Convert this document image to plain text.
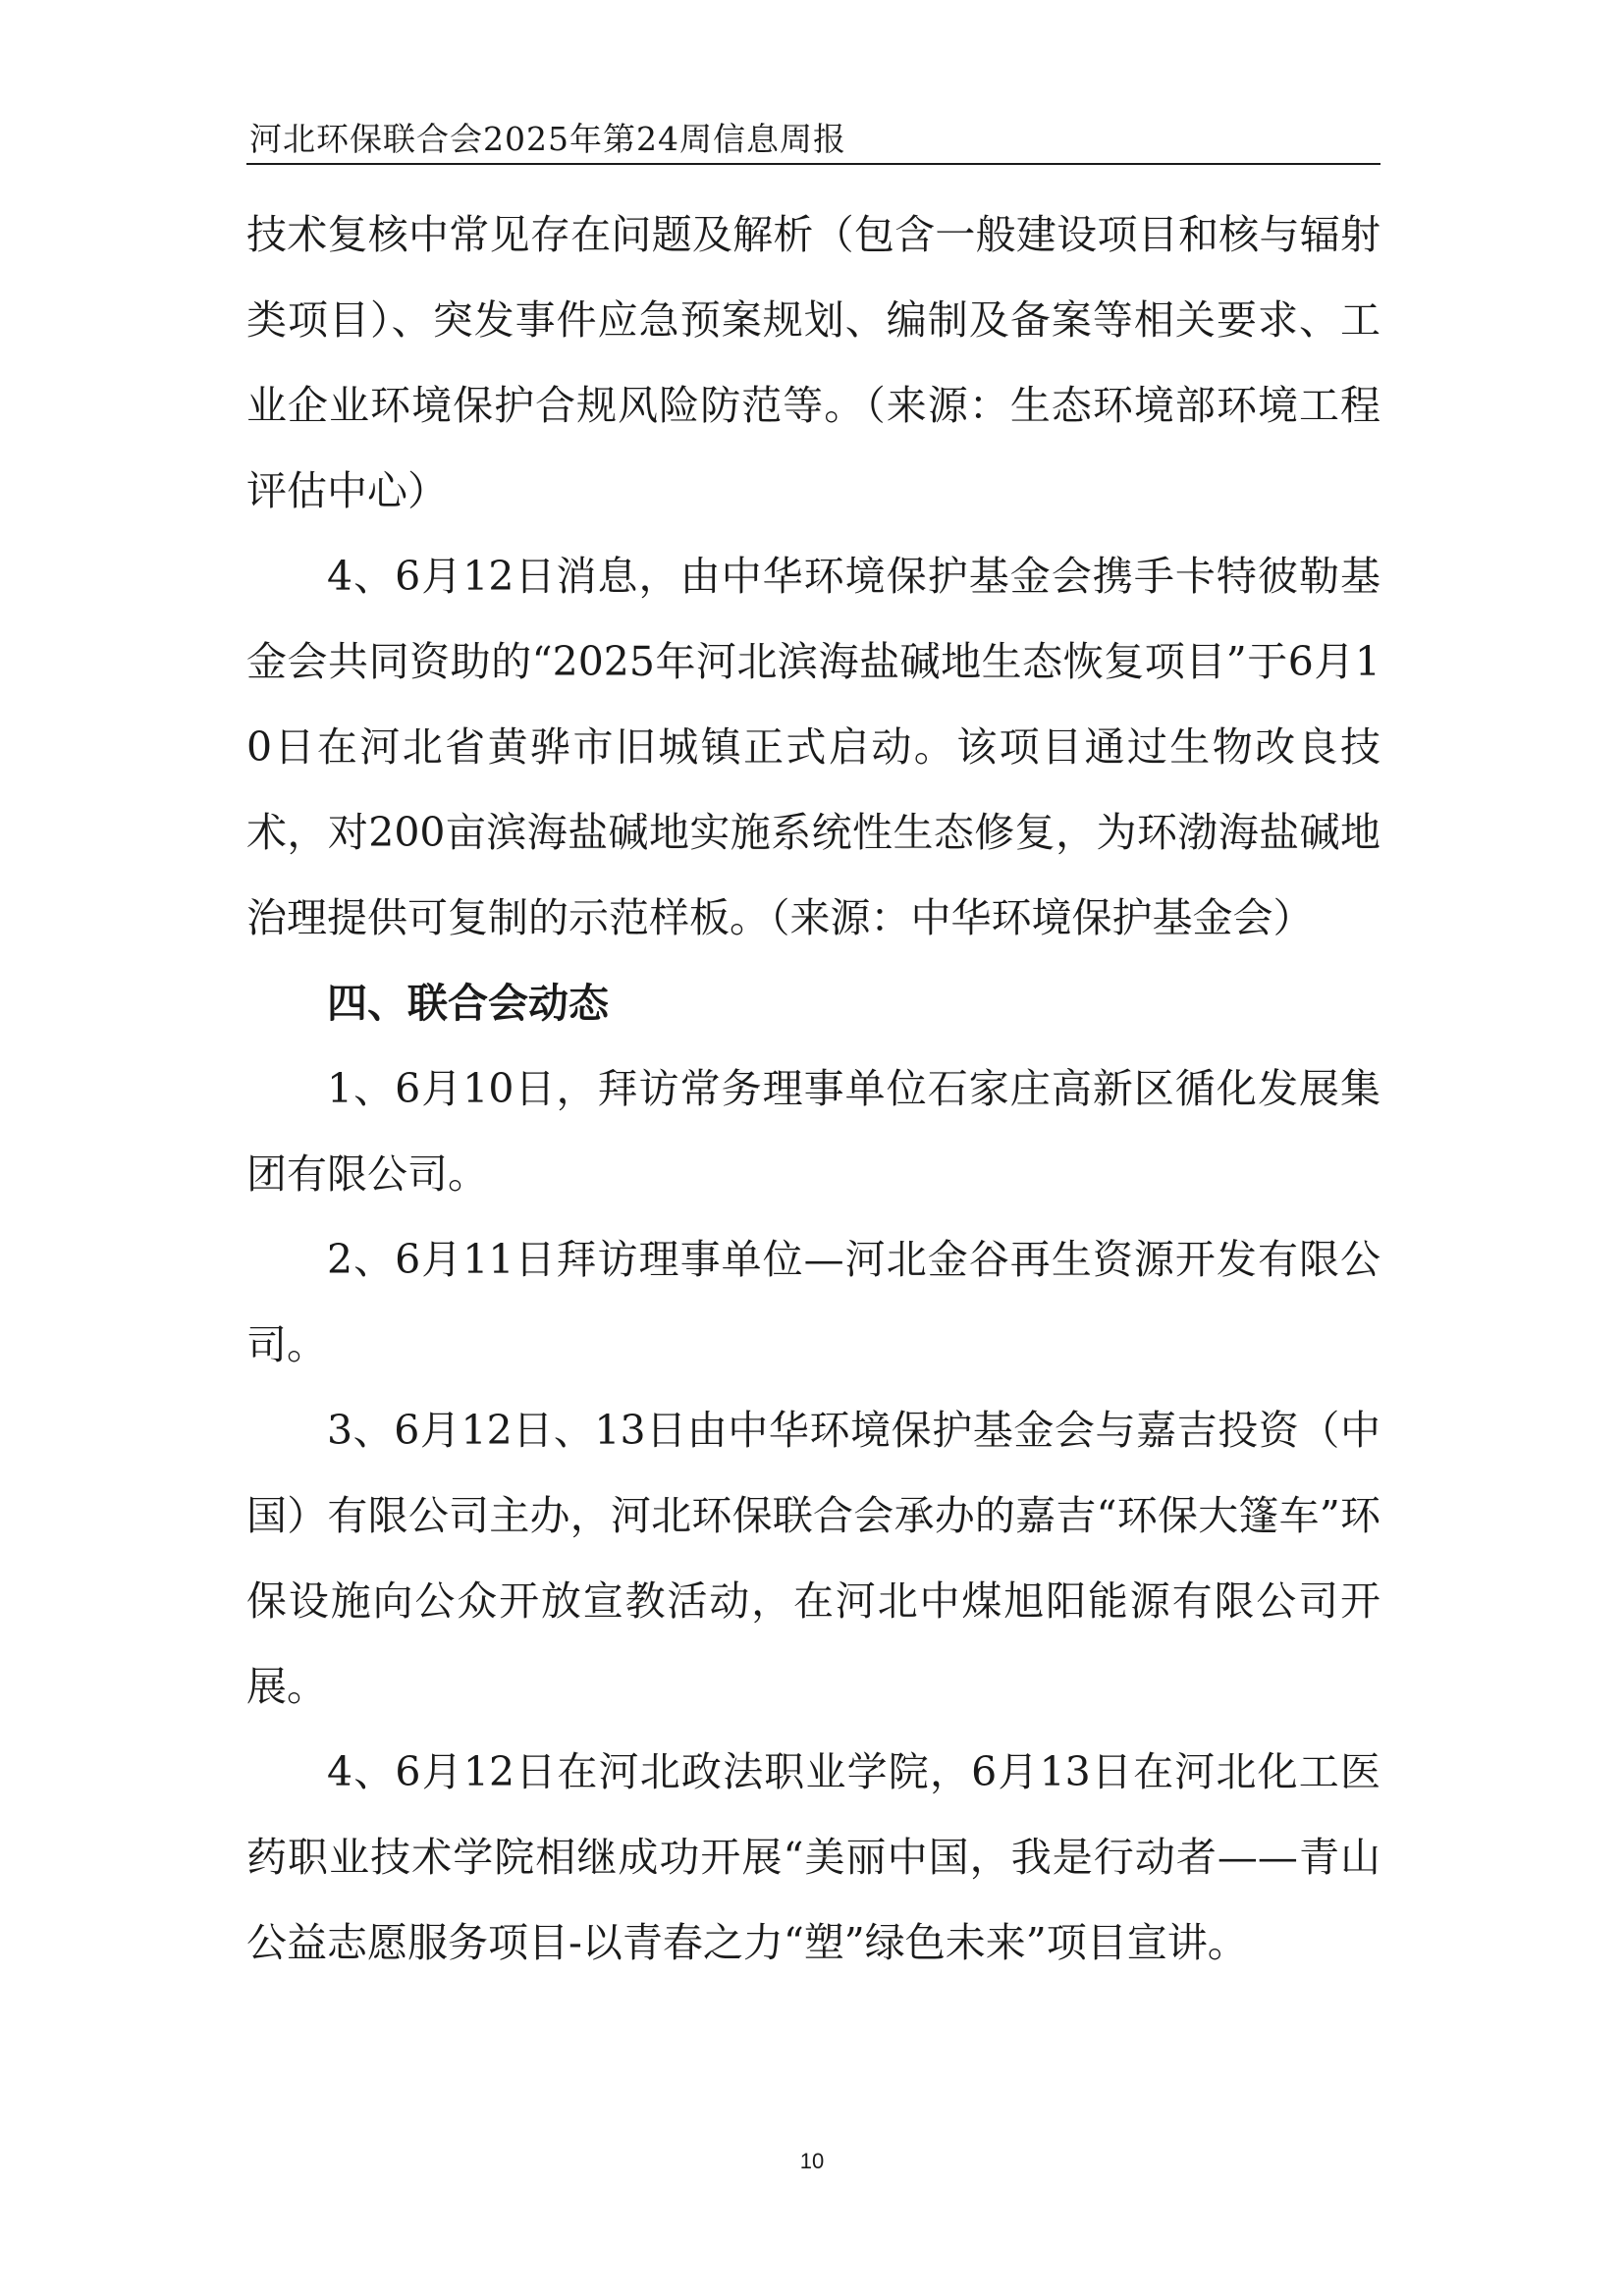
河北环保联合会2025年第24周信息周报

技术复核中常见存在问题及解析（包含一般建设项目和核与辐射类项目）、突发事件应急预案规划、编制及备案等相关要求、工业企业环境保护合规风险防范等。（来源：生态环境部环境工程评估中心）

4、6月12日消息，由中华环境保护基金会携手卡特彼勒基金会共同资助的“2025年河北滨海盐碱地生态恢复项目”于6月10日在河北省黄骅市旧城镇正式启动。该项目通过生物改良技术，对200亩滨海盐碱地实施系统性生态修复，为环渤海盐碱地治理提供可复制的示范样板。（来源：中华环境保护基金会）

四、联合会动态

1、6月10日，拜访常务理事单位石家庄高新区循化发展集团有限公司。

2、6月11日拜访理事单位—河北金谷再生资源开发有限公司。

3、6月12日、13日由中华环境保护基金会与嘉吉投资（中国）有限公司主办，河北环保联合会承办的嘉吉“环保大篷车”环保设施向公众开放宣教活动，在河北中煤旭阳能源有限公司开展。

4、6月12日在河北政法职业学院，6月13日在河北化工医药职业技术学院相继成功开展“美丽中国，我是行动者——青山公益志愿服务项目-以青春之力“塑”绿色未来”项目宣讲。

10
